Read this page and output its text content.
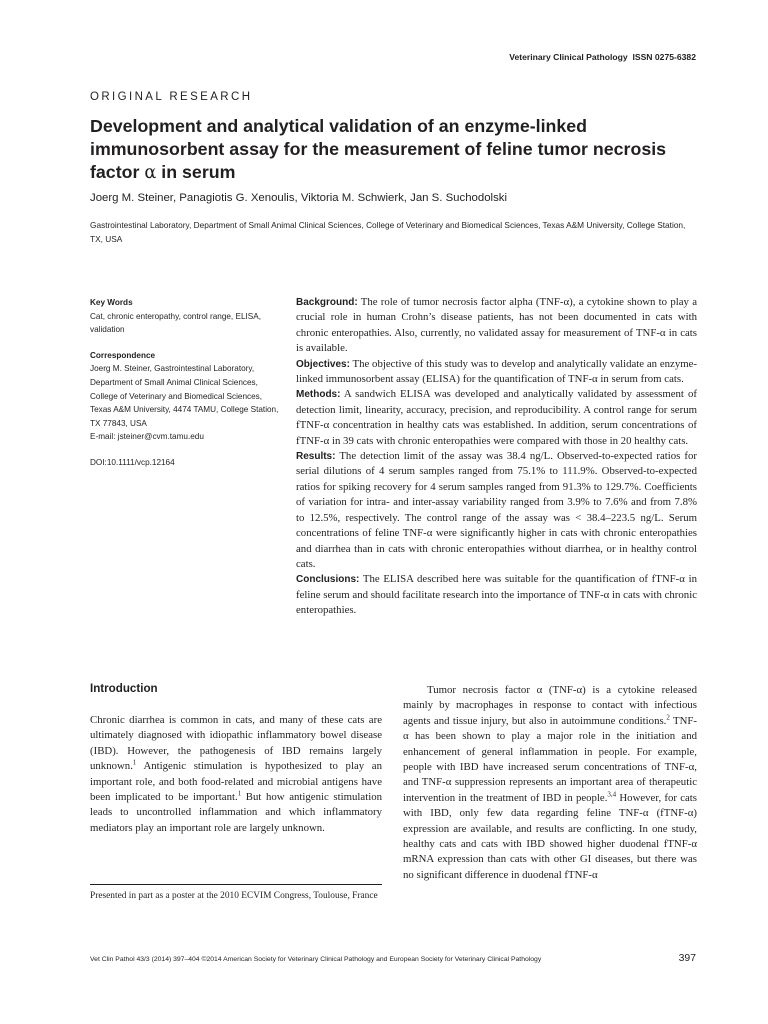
Veterinary Clinical Pathology ISSN 0275-6382
ORIGINAL RESEARCH
Development and analytical validation of an enzyme-linked immunosorbent assay for the measurement of feline tumor necrosis factor α in serum
Joerg M. Steiner, Panagiotis G. Xenoulis, Viktoria M. Schwierk, Jan S. Suchodolski
Gastrointestinal Laboratory, Department of Small Animal Clinical Sciences, College of Veterinary and Biomedical Sciences, Texas A&M University, College Station, TX, USA
Key Words
Cat, chronic enteropathy, control range, ELISA, validation
Correspondence
Joerg M. Steiner, Gastrointestinal Laboratory, Department of Small Animal Clinical Sciences, College of Veterinary and Biomedical Sciences, Texas A&M University, 4474 TAMU, College Station, TX 77843, USA
E-mail: jsteiner@cvm.tamu.edu
DOI:10.1111/vcp.12164

Background: The role of tumor necrosis factor alpha (TNF-α), a cytokine shown to play a crucial role in human Crohn’s disease patients, has not been documented in cats with chronic enteropathies. Also, currently, no validated assay for measurement of TNF-α in cats is available.

Objectives: The objective of this study was to develop and analytically validate an enzyme-linked immunosorbent assay (ELISA) for the quantification of TNF-α in serum from cats.

Methods: A sandwich ELISA was developed and analytically validated by assessment of detection limit, linearity, accuracy, precision, and reproducibility. A control range for serum fTNF-α concentration in healthy cats was established. In addition, serum concentrations of fTNF-α in 39 cats with chronic enteropathies were compared with those in 20 healthy cats.

Results: The detection limit of the assay was 38.4 ng/L. Observed-to-expected ratios for serial dilutions of 4 serum samples ranged from 75.1% to 111.9%. Observed-to-expected ratios for spiking recovery for 4 serum samples ranged from 91.3% to 129.7%. Coefficients of variation for intra- and inter-assay variability ranged from 3.9% to 7.6% and from 7.8% to 12.5%, respectively. The control range of the assay was < 38.4–223.5 ng/L. Serum concentrations of feline TNF-α were significantly higher in cats with chronic enteropathies and diarrhea than in cats with chronic enteropathies without diarrhea, or in healthy control cats.

Conclusions: The ELISA described here was suitable for the quantification of fTNF-α in feline serum and should facilitate research into the importance of TNF-α in cats with chronic enteropathies.

Introduction

Chronic diarrhea is common in cats, and many of these cats are ultimately diagnosed with idiopathic inflammatory bowel disease (IBD). However, the pathogenesis of IBD remains largely unknown.$^1$ Antigenic stimulation is hypothesized to play an important role, and both food-related and microbial antigens have been implicated to be important.$^1$ But how antigenic stimulation leads to uncontrolled inflammation and which inflammatory mediators play an important role are largely unknown.

Presented in part as a poster at the 2010 ECVIM Congress, Toulouse, France

Tumor necrosis factor α (TNF-α) is a cytokine released mainly by macrophages in response to contact with infectious agents and tissue injury, but also in autoimmune conditions.$^2$ TNF-α has been shown to play a major role in the initiation and enhancement of general inflammation in people. For example, people with IBD have increased serum concentrations of TNF-α, and TNF-α suppression represents an important area of therapeutic intervention in the treatment of IBD in people.$^{3,4}$ However, for cats with IBD, only few data regarding feline TNF-α (fTNF-α) expression are available, and results are conflicting. In one study, healthy cats and cats with IBD showed higher duodenal fTNF-α mRNA expression than cats with other GI diseases, but there was no significant difference in duodenal fTNF-α

Vet Clin Pathol 43/3 (2014) 397–404 ©2014 American Society for Veterinary Clinical Pathology and European Society for Veterinary Clinical Pathology	397
